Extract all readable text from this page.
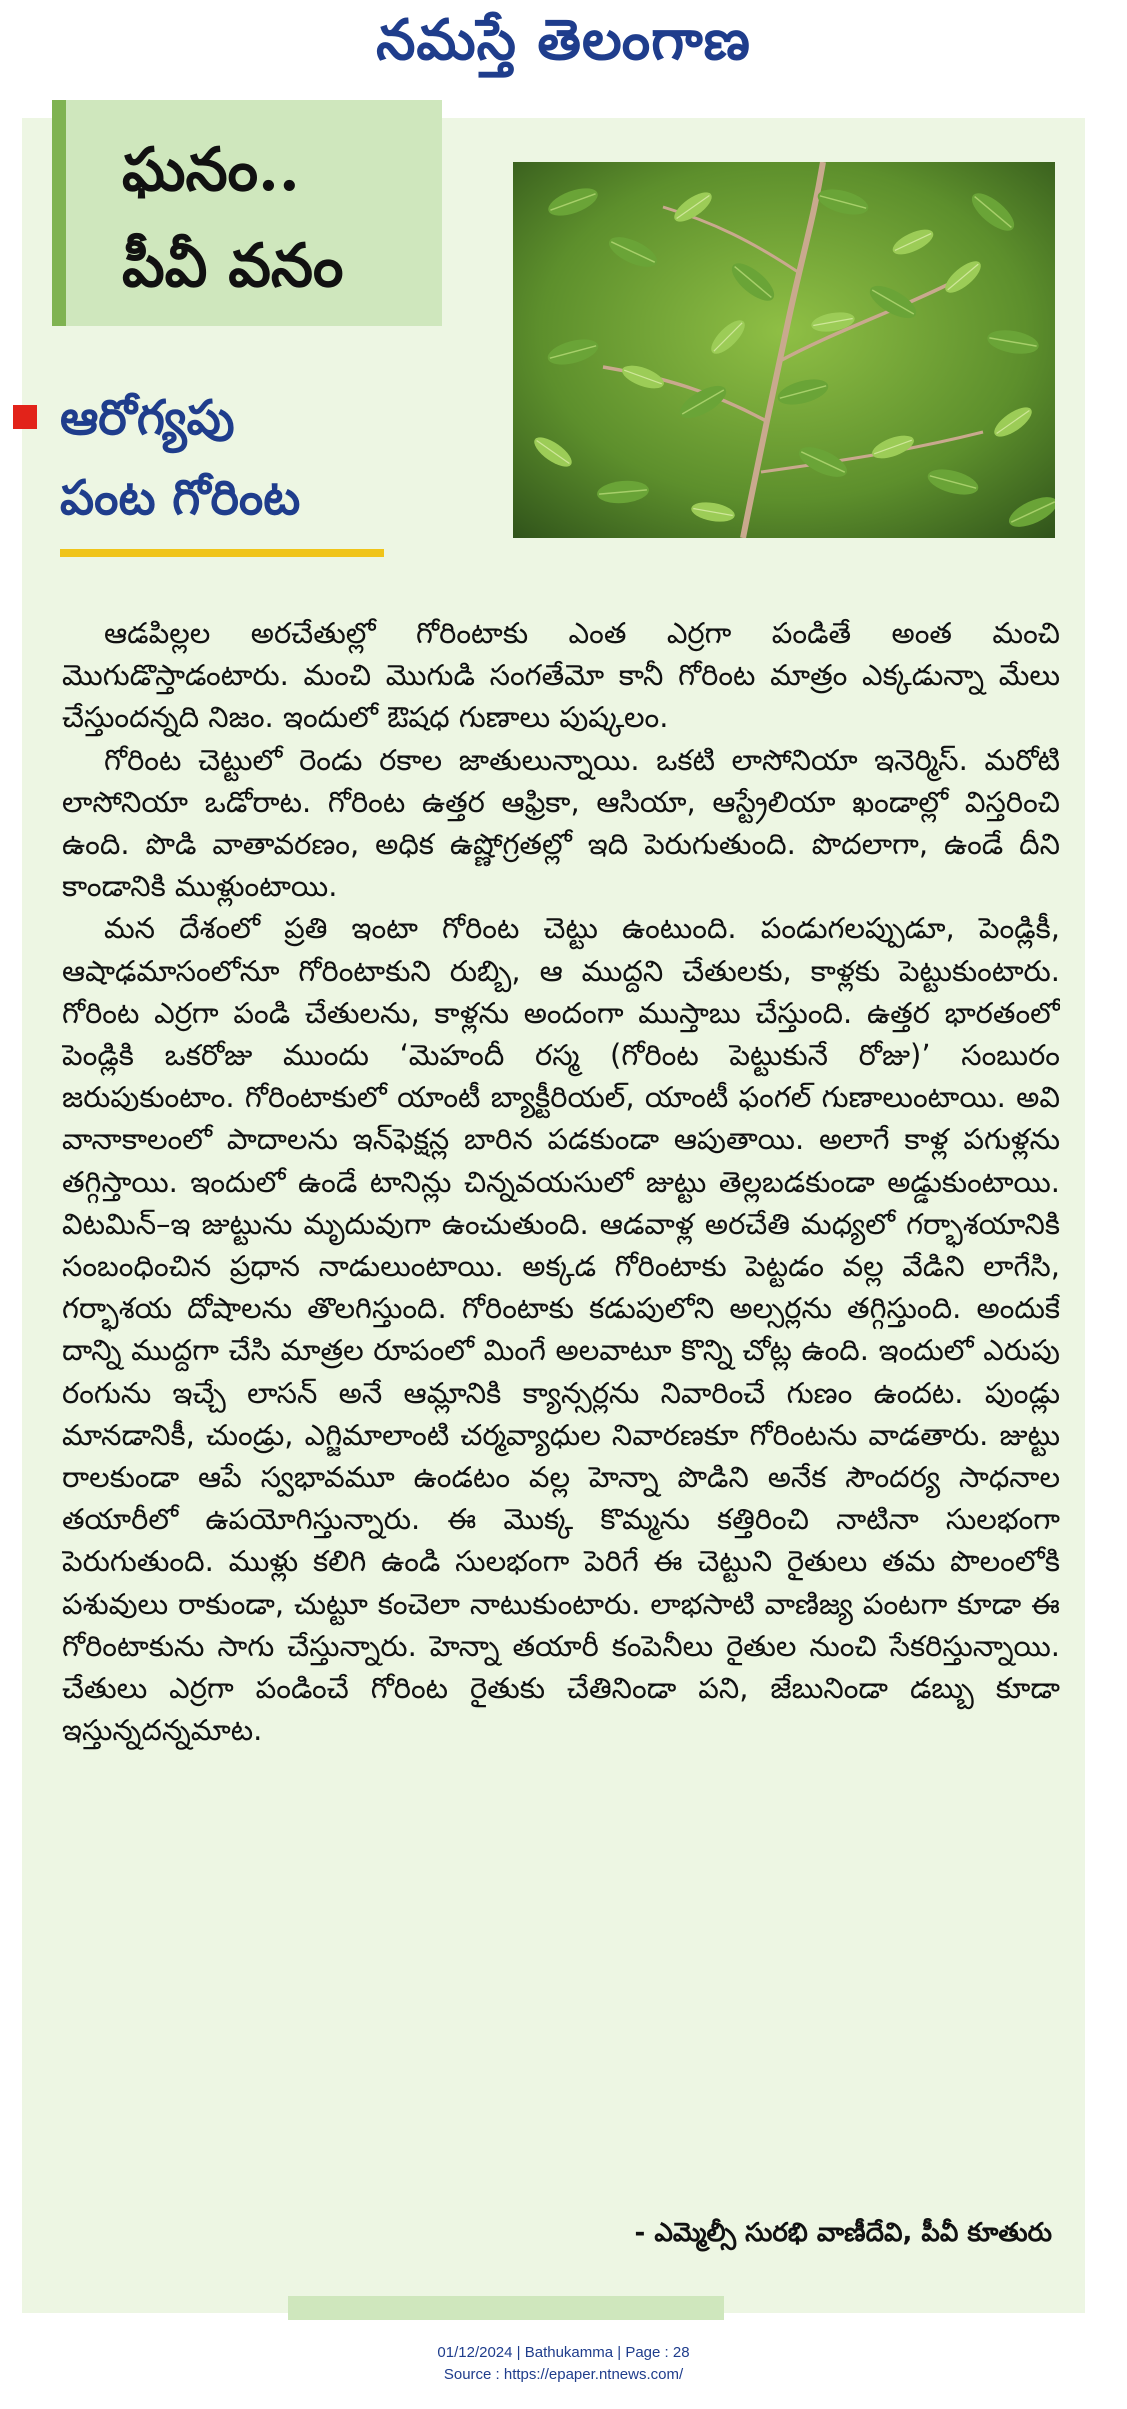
నమస్తే తెలంగాణ
ఘనం..
పీవీ వనం
ఆరోగ్యపు
పంట గోరింట

ఆడపిల్లల అరచేతుల్లో గోరింటాకు ఎంత ఎర్రగా పండితే అంత మంచి మొగుడొస్తాడంటారు. మంచి మొగుడి సంగతేమో కానీ గోరింట మాత్రం ఎక్కడున్నా మేలు చేస్తుందన్నది నిజం. ఇందులో ఔషధ గుణాలు పుష్కలం.

గోరింట చెట్టులో రెండు రకాల జాతులున్నాయి. ఒకటి లాసోనియా ఇనెర్మిస్. మరోటి లాసోనియా ఒడోరాట. గోరింట ఉత్తర ఆఫ్రికా, ఆసియా, ఆస్ట్రేలియా ఖండాల్లో విస్తరించి ఉంది. పొడి వాతావరణం, అధిక ఉష్ణోగ్రతల్లో ఇది పెరుగుతుంది. పొదలాగా, ఉండే దీని కాండానికి ముళ్లుంటాయి.

మన దేశంలో ప్రతి ఇంటా గోరింట చెట్టు ఉంటుంది. పండుగలప్పుడూ, పెండ్లికీ, ఆషాఢమాసంలోనూ గోరింటాకుని రుబ్బి, ఆ ముద్దని చేతులకు, కాళ్లకు పెట్టుకుంటారు. గోరింట ఎర్రగా పండి చేతులను, కాళ్లను అందంగా ముస్తాబు చేస్తుంది. ఉత్తర భారతంలో పెండ్లికి ఒకరోజు ముందు ‘మెహందీ రస్మ (గోరింట పెట్టుకునే రోజు)’ సంబురం జరుపుకుంటాం. గోరింటాకులో యాంటీ బ్యాక్టీరియల్, యాంటీ ఫంగల్ గుణాలుంటాయి. అవి వానాకాలంలో పాదాలను ఇన్‌ఫెక్షన్ల బారిన పడకుండా ఆపుతాయి. అలాగే కాళ్ల పగుళ్లను తగ్గిస్తాయి. ఇందులో ఉండే టానిన్లు చిన్నవయసులో జుట్టు తెల్లబడకుండా అడ్డుకుంటాయి. విటమిన్–ఇ జుట్టును మృదువుగా ఉంచుతుంది. ఆడవాళ్ల అరచేతి మధ్యలో గర్భాశయానికి సంబంధించిన ప్రధాన నాడులుంటాయి. అక్కడ గోరింటాకు పెట్టడం వల్ల వేడిని లాగేసి, గర్భాశయ దోషాలను తొలగిస్తుంది. గోరింటాకు కడుపులోని అల్సర్లను తగ్గిస్తుంది. అందుకే దాన్ని ముద్దగా చేసి మాత్రల రూపంలో మింగే అలవాటూ కొన్ని చోట్ల ఉంది. ఇందులో ఎరుపు రంగును ఇచ్చే లాసన్ అనే ఆమ్లానికి క్యాన్సర్లను నివారించే గుణం ఉందట. పుండ్లు మానడానికీ, చుండ్రు, ఎగ్జిమాలాంటి చర్మవ్యాధుల నివారణకూ గోరింటను వాడతారు. జుట్టు రాలకుండా ఆపే స్వభావమూ ఉండటం వల్ల హెన్నా పొడిని అనేక సౌందర్య సాధనాల తయారీలో ఉపయోగిస్తున్నారు. ఈ మొక్క కొమ్మను కత్తిరించి నాటినా సులభంగా పెరుగుతుంది. ముళ్లు కలిగి ఉండి సులభంగా పెరిగే ఈ చెట్టుని రైతులు తమ పొలంలోకి పశువులు రాకుండా, చుట్టూ కంచెలా నాటుకుంటారు. లాభసాటి వాణిజ్య పంటగా కూడా ఈ గోరింటాకును సాగు చేస్తున్నారు. హెన్నా తయారీ కంపెనీలు రైతుల నుంచి సేకరిస్తున్నాయి. చేతులు ఎర్రగా పండించే గోరింట రైతుకు చేతినిండా పని, జేబునిండా డబ్బు కూడా ఇస్తున్నదన్నమాట.

- ఎమ్మెల్సీ సురభి వాణీదేవి, పీవీ కూతురు
01/12/2024 | Bathukamma | Page : 28
Source : https://epaper.ntnews.com/
